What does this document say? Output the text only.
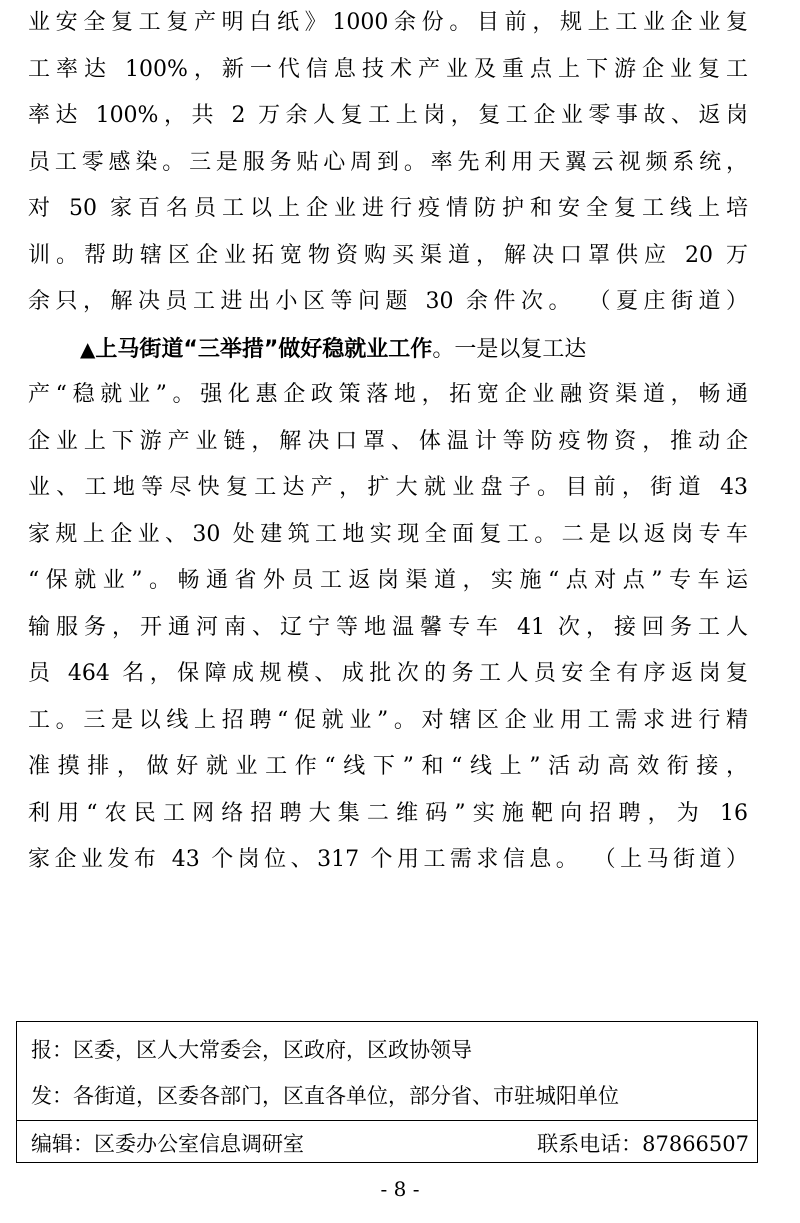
业安全复工复产明白纸》1000余份。目前，规上工业企业复
工率达 100%，新一代信息技术产业及重点上下游企业复工
率达 100%，共 2 万余人复工上岗，复工企业零事故、返岗
员工零感染。三是服务贴心周到。率先利用天翼云视频系统，
对 50 家百名员工以上企业进行疫情防护和安全复工线上培
训。帮助辖区企业拓宽物资购买渠道，解决口罩供应 20 万
余只，解决员工进出小区等问题 30 余件次。 （夏庄街道）
▲上马街道“三举措”做好稳就业工作。一是以复工达
产“稳就业”。强化惠企政策落地，拓宽企业融资渠道，畅通
企业上下游产业链，解决口罩、体温计等防疫物资，推动企
业、工地等尽快复工达产，扩大就业盘子。目前，街道 43
家规上企业、30 处建筑工地实现全面复工。二是以返岗专车
“保就业”。畅通省外员工返岗渠道，实施“点对点”专车运
输服务，开通河南、辽宁等地温馨专车 41 次，接回务工人
员 464 名，保障成规模、成批次的务工人员安全有序返岗复
工。三是以线上招聘“促就业”。对辖区企业用工需求进行精
准摸排，做好就业工作“线下”和“线上”活动高效衔接，
利用“农民工网络招聘大集二维码”实施靶向招聘，为 16
家企业发布 43 个岗位、317 个用工需求信息。 （上马街道）
报：区委，区人大常委会，区政府，区政协领导
发：各街道，区委各部门，区直各单位，部分省、市驻城阳单位
编辑：区委办公室信息调研室	联系电话：87866507
- 8 -
